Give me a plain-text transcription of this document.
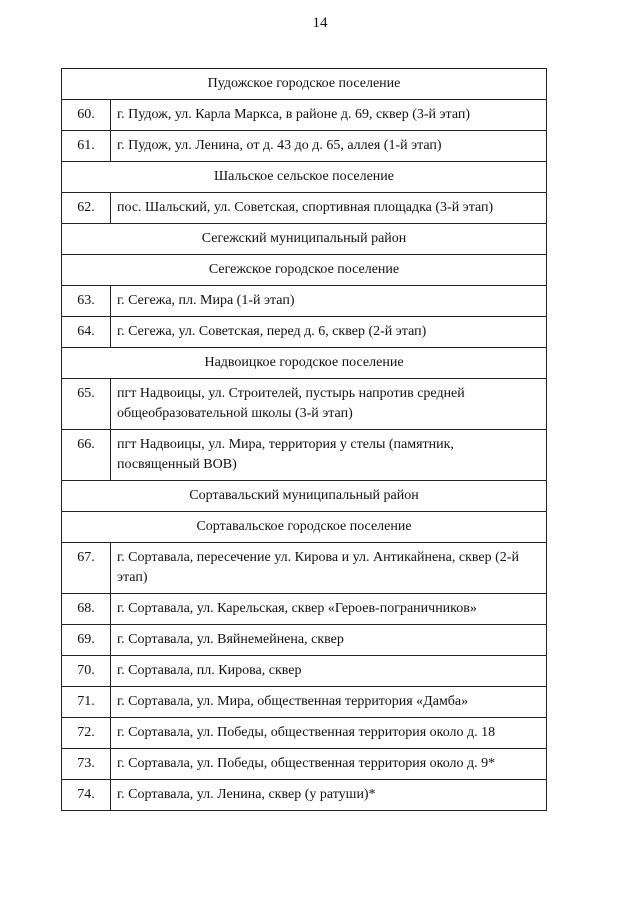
14
Пудожское городское поселение	
60.	г. Пудож, ул. Карла Маркса, в районе д. 69, сквер (3-й этап)
61.	г. Пудож, ул. Ленина, от д. 43 до д. 65, аллея (1-й этап)
Шальское сельское поселение	
62.	пос. Шальский, ул. Советская, спортивная площадка (3-й этап)
Сегежский муниципальный район	
Сегежское городское поселение	
63.	г. Сегежа, пл. Мира (1-й этап)
64.	г. Сегежа, ул. Советская, перед д. 6, сквер (2-й этап)
Надвоицкое городское поселение	
65.	пгт Надвоицы, ул. Строителей, пустырь напротив средней общеобразовательной школы (3-й этап)
66.	пгт Надвоицы, ул. Мира, территория у стелы (памятник, посвященный ВОВ)
Сортавальский муниципальный район	
Сортавальское городское поселение	
67.	г. Сортавала, пересечение ул. Кирова и ул. Антикайнена, сквер (2-й этап)
68.	г. Сортавала, ул. Карельская, сквер «Героев-пограничников»
69.	г. Сортавала, ул. Вяйнемейнена, сквер
70.	г. Сортавала, пл. Кирова, сквер
71.	г. Сортавала, ул. Мира, общественная территория «Дамба»
72.	г. Сортавала, ул. Победы, общественная территория около д. 18
73.	г. Сортавала, ул. Победы, общественная территория около д. 9*
74.	г. Сортавала, ул. Ленина, сквер (у ратуши)*
